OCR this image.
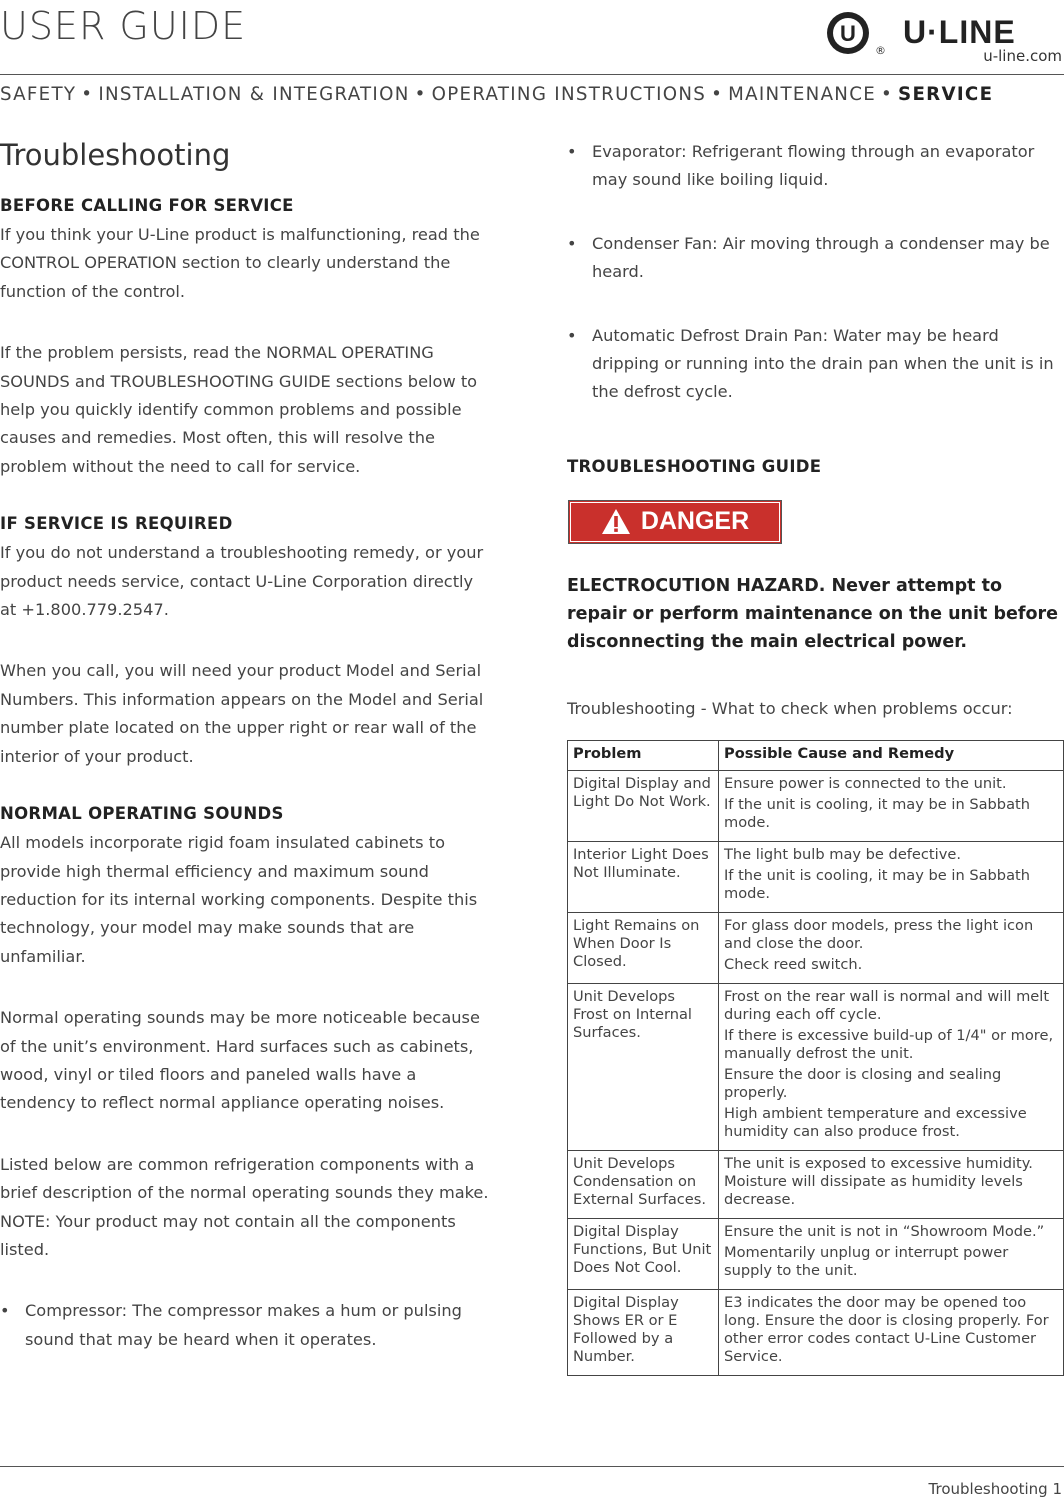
USER GUIDE	U
®
U·LINE
u-line.com
SAFETY • INSTALLATION & INTEGRATION • OPERATING INSTRUCTIONS • MAINTENANCE • SERVICE
Troubleshooting
BEFORE CALLING FOR SERVICE

If you think your U-Line product is malfunctioning, read the CONTROL OPERATION section to clearly understand the function of the control.

If the problem persists, read the NORMAL OPERATING SOUNDS and TROUBLESHOOTING GUIDE sections below to help you quickly identify common problems and possible causes and remedies. Most often, this will resolve the problem without the need to call for service.

IF SERVICE IS REQUIRED

If you do not understand a troubleshooting remedy, or your product needs service, contact U-Line Corporation directly at +1.800.779.2547.

When you call, you will need your product Model and Serial Numbers. This information appears on the Model and Serial number plate located on the upper right or rear wall of the interior of your product.

NORMAL OPERATING SOUNDS

All models incorporate rigid foam insulated cabinets to provide high thermal efficiency and maximum sound reduction for its internal working components. Despite this technology, your model may make sounds that are unfamiliar.

Normal operating sounds may be more noticeable because of the unit’s environment. Hard surfaces such as cabinets, wood, vinyl or tiled floors and paneled walls have a tendency to reflect normal appliance operating noises.

Listed below are common refrigeration components with a brief description of the normal operating sounds they make. NOTE: Your product may not contain all the components listed.

• Compressor: The compressor makes a hum or pulsing sound that may be heard when it operates.
• Evaporator: Refrigerant flowing through an evaporator may sound like boiling liquid.
• Condenser Fan: Air moving through a condenser may be heard.
• Automatic Defrost Drain Pan: Water may be heard dripping or running into the drain pan when the unit is in the defrost cycle.
TROUBLESHOOTING GUIDE
DANGER
ELECTROCUTION HAZARD. Never attempt to repair or perform maintenance on the unit before disconnecting the main electrical power.
Troubleshooting - What to check when problems occur:
Problem	Possible Cause and Remedy
Digital Display and Light Do Not Work.	Ensure power is connected to the unit.
If the unit is cooling, it may be in Sabbath mode.

Interior Light Does Not Illuminate.	The light bulb may be defective.
If the unit is cooling, it may be in Sabbath mode.

Light Remains on When Door Is Closed.	For glass door models, press the light icon and close the door.
Check reed switch.

Unit Develops Frost on Internal Surfaces.	Frost on the rear wall is normal and will melt during each off cycle.
If there is excessive build-up of 1/4" or more, manually defrost the unit.
Ensure the door is closing and sealing properly.
High ambient temperature and excessive humidity can also produce frost.

Unit Develops Condensation on External Surfaces.	The unit is exposed to excessive humidity. Moisture will dissipate as humidity levels decrease.

Digital Display Functions, But Unit Does Not Cool.	Ensure the unit is not in “Showroom Mode.”
Momentarily unplug or interrupt power supply to the unit.

Digital Display Shows ER or E Followed by a Number.	E3 indicates the door may be opened too long. Ensure the door is closing properly. For other error codes contact U-Line Customer Service.
Troubleshooting 1
